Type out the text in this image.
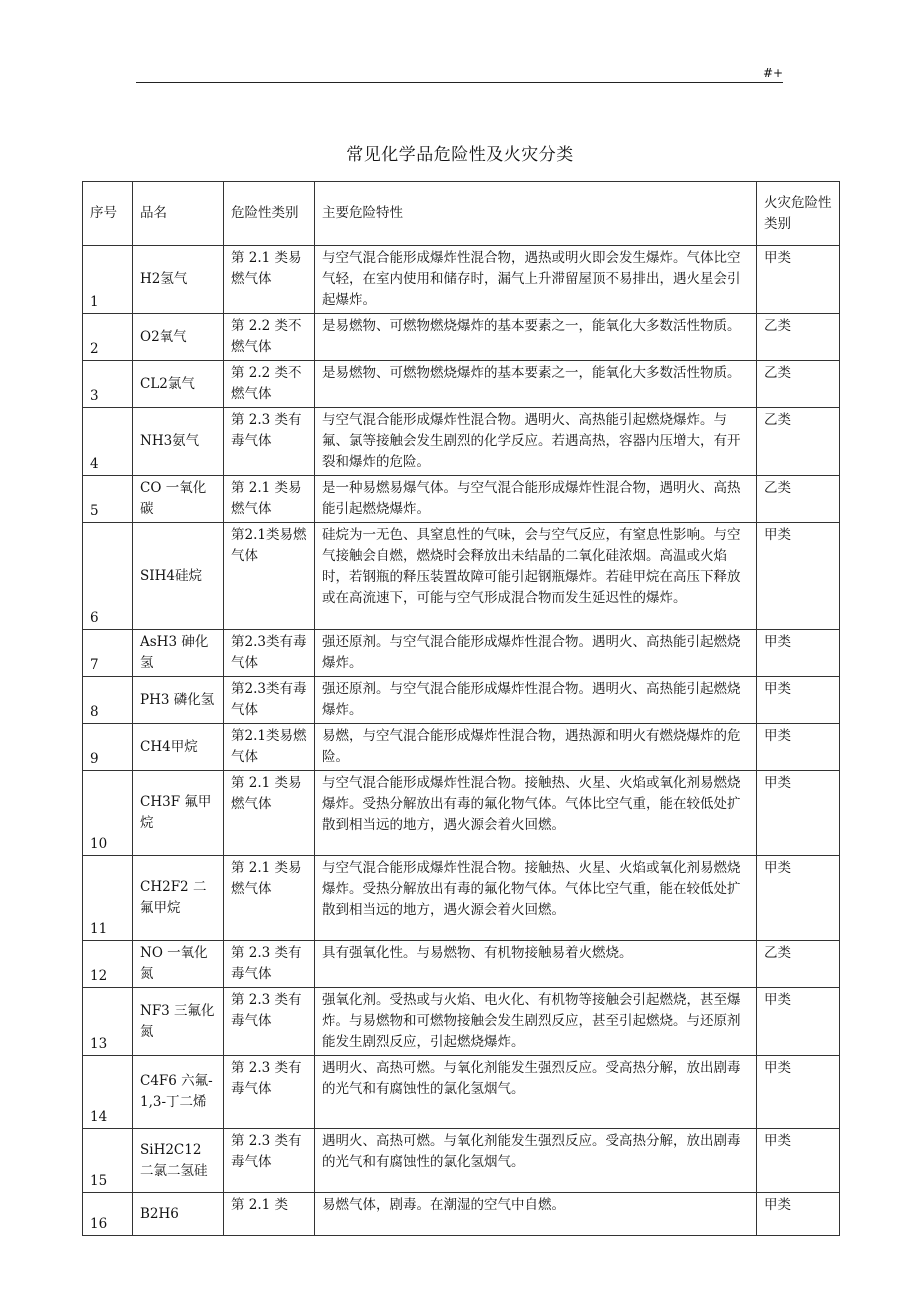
#+
常见化学品危险性及火灾分类
序号	品名	危险性类别	主要危险特性	火灾危险性类别
1	H2氢气	第 2.1 类易燃气体	与空气混合能形成爆炸性混合物，遇热或明火即会发生爆炸。气体比空气轻，在室内使用和储存时，漏气上升滞留屋顶不易排出，遇火星会引起爆炸。	甲类
2	O2氧气	第 2.2 类不燃气体	是易燃物、可燃物燃烧爆炸的基本要素之一，能氧化大多数活性物质。	乙类
3	CL2氯气	第 2.2 类不燃气体	是易燃物、可燃物燃烧爆炸的基本要素之一，能氧化大多数活性物质。	乙类
4	NH3氨气	第 2.3 类有毒气体	与空气混合能形成爆炸性混合物。遇明火、高热能引起燃烧爆炸。与氟、氯等接触会发生剧烈的化学反应。若遇高热，容器内压增大，有开裂和爆炸的危险。	乙类
5	CO 一氧化碳	第 2.1 类易燃气体	是一种易燃易爆气体。与空气混合能形成爆炸性混合物，遇明火、高热能引起燃烧爆炸。	乙类
6	SIH4硅烷	第2.1类易燃气体	硅烷为一无色、具窒息性的气味，会与空气反应，有窒息性影响。与空气接触会自燃，燃烧时会释放出未结晶的二氧化硅浓烟。高温或火焰时，若钢瓶的释压装置故障可能引起钢瓶爆炸。若硅甲烷在高压下释放或在高流速下，可能与空气形成混合物而发生延迟性的爆炸。	甲类
7	AsH3 砷化氢	第2.3类有毒气体	强还原剂。与空气混合能形成爆炸性混合物。遇明火、高热能引起燃烧爆炸。	甲类
8	PH3 磷化氢	第2.3类有毒气体	强还原剂。与空气混合能形成爆炸性混合物。遇明火、高热能引起燃烧爆炸。	甲类
9	CH4甲烷	第2.1类易燃气体	易燃，与空气混合能形成爆炸性混合物，遇热源和明火有燃烧爆炸的危险。	甲类
10	CH3F 氟甲烷	第 2.1 类易燃气体	与空气混合能形成爆炸性混合物。接触热、火星、火焰或氧化剂易燃烧爆炸。受热分解放出有毒的氟化物气体。气体比空气重，能在较低处扩散到相当远的地方，遇火源会着火回燃。	甲类
11	CH2F2 二氟甲烷	第 2.1 类易燃气体	与空气混合能形成爆炸性混合物。接触热、火星、火焰或氧化剂易燃烧爆炸。受热分解放出有毒的氟化物气体。气体比空气重，能在较低处扩散到相当远的地方，遇火源会着火回燃。	甲类
12	NO 一氧化氮	第 2.3 类有毒气体	具有强氧化性。与易燃物、有机物接触易着火燃烧。	乙类
13	NF3 三氟化氮	第 2.3 类有毒气体	强氧化剂。受热或与火焰、电火化、有机物等接触会引起燃烧，甚至爆炸。与易燃物和可燃物接触会发生剧烈反应，甚至引起燃烧。与还原剂能发生剧烈反应，引起燃烧爆炸。	甲类
14	C4F6 六氟-1,3-丁二烯	第 2.3 类有毒气体	遇明火、高热可燃。与氧化剂能发生强烈反应。受高热分解，放出剧毒的光气和有腐蚀性的氯化氢烟气。	甲类
15	SiH2C12 二氯二氢硅	第 2.3 类有毒气体	遇明火、高热可燃。与氧化剂能发生强烈反应。受高热分解，放出剧毒的光气和有腐蚀性的氯化氢烟气。	甲类
16	B2H6	第 2.1 类	易燃气体，剧毒。在潮湿的空气中自燃。	甲类
